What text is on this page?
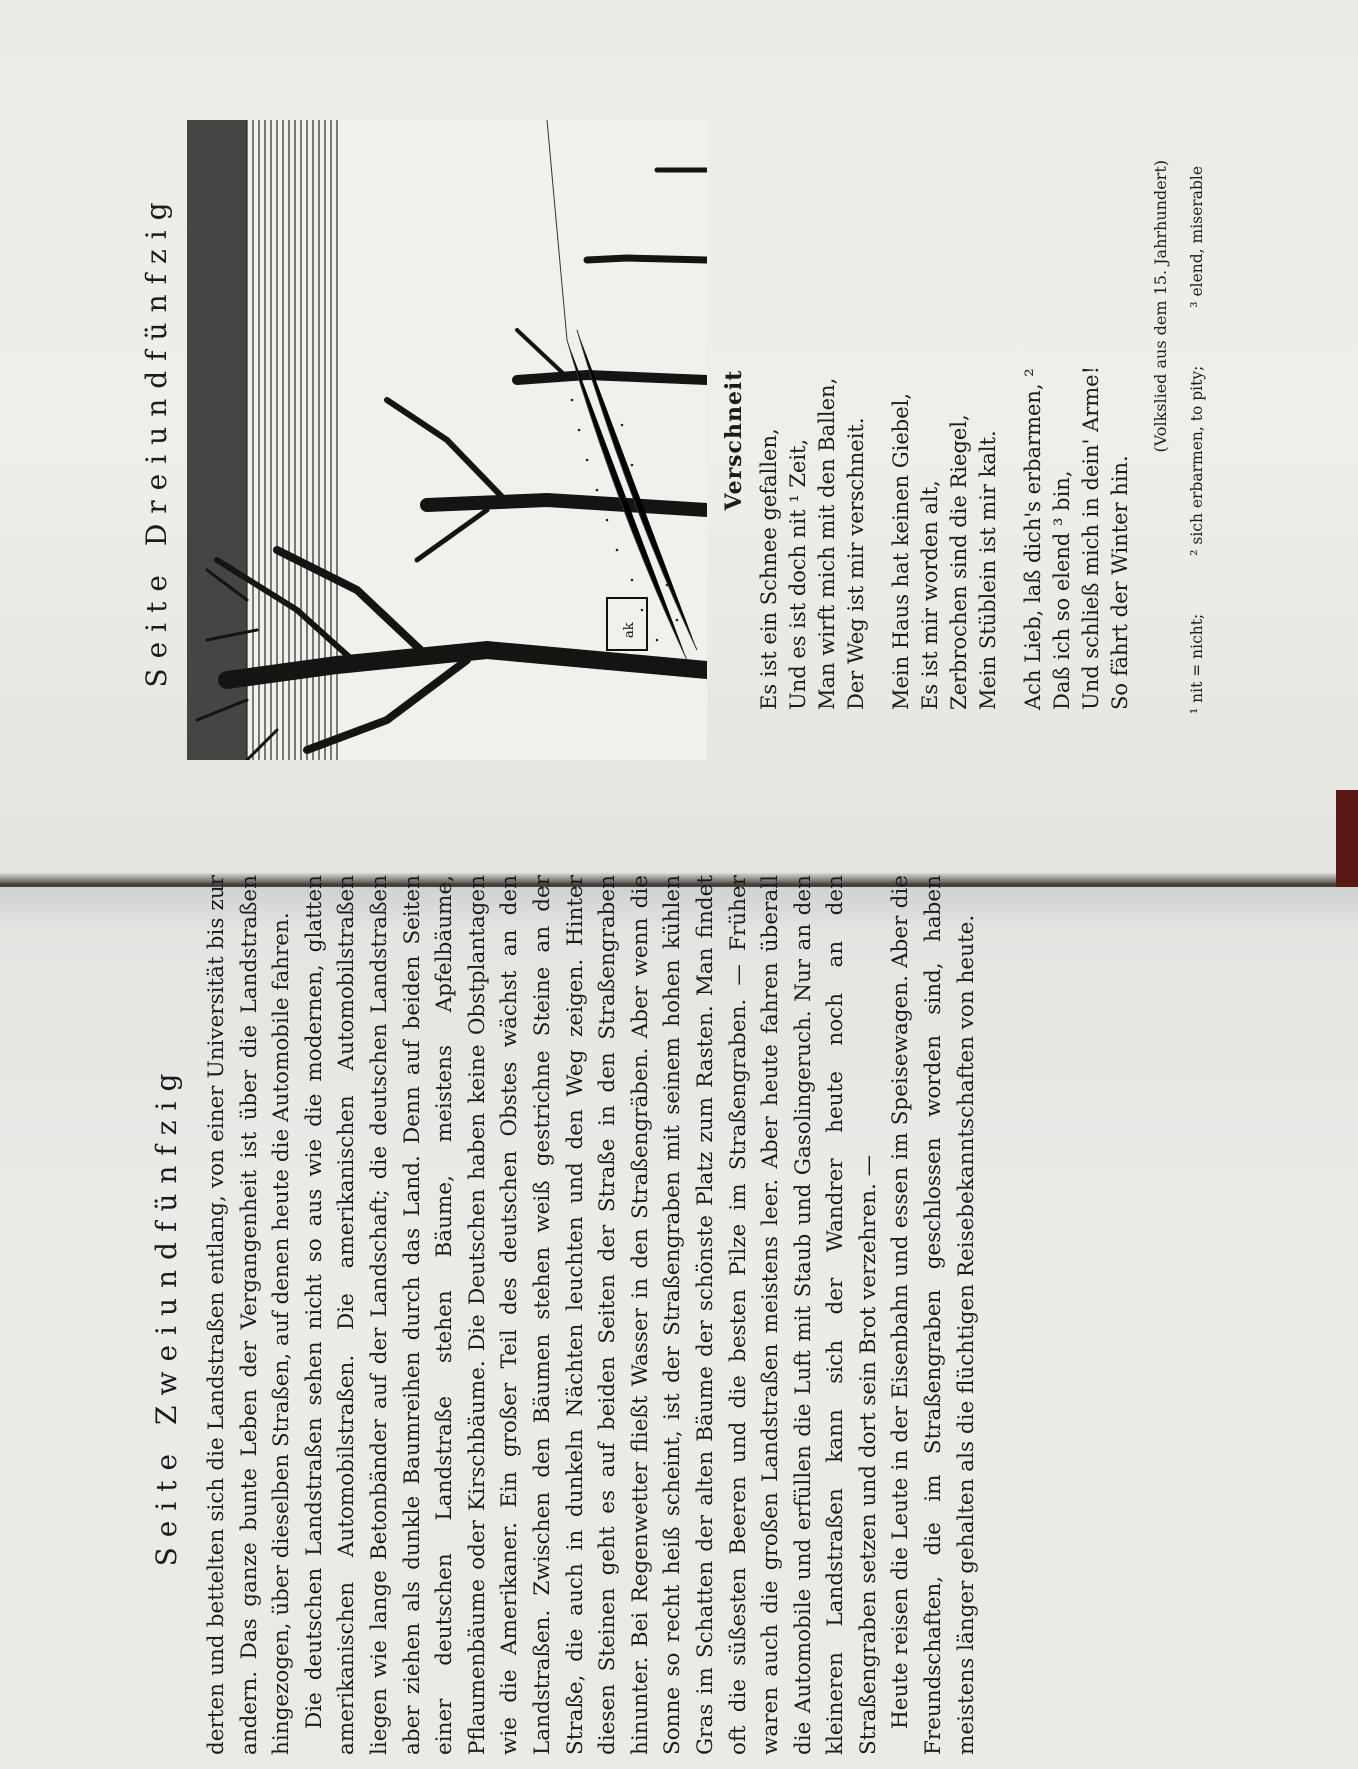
Seite Dreiundfünfzig	ak
Verschneit Es ist ein Schnee gefallen, Und es ist doch nit ¹ Zeit, Man wirft mich mit den Ballen, Der Weg ist mir verschneit. Mein Haus hat keinen Giebel, Es ist mir worden alt, Zerbrochen sind die Riegel, Mein Stüblein ist mir kalt. Ach Lieb, laß dich's erbarmen, ² Daß ich so elend ³ bin, Und schließ mich in dein' Arme! So fährt der Winter hin.
(Volkslied aus dem 15. Jahrhundert)
¹ nit = nicht;
² sich erbarmen, to pity;
³ elend, miserable
Seite Zweiundfünfzig derten und bettelten sich die Landstraßen entlang, von einer Universität bis zur andern. Das ganze bunte Leben der Vergangenheit ist über die Landstraßen hingezogen, über dieselben Straßen, auf denen heute die Automobile fahren. Die deutschen Landstraßen sehen nicht so aus wie die modernen, glatten amerikanischen Automobilstraßen. Die amerikanischen Automobilstraßen liegen wie lange Betonbänder auf der Landschaft; die deutschen Landstraßen aber ziehen als dunkle Baumreihen durch das Land. Denn auf beiden Seiten einer deutschen Landstraße stehen Bäume, meistens Apfelbäume, Pflaumenbäume oder Kirschbäume. Die Deutschen haben keine Obstplantagen wie die Amerikaner. Ein großer Teil des deutschen Obstes wächst an den Landstraßen. Zwischen den Bäumen stehen weiß gestrichne Steine an der Straße, die auch in dunkeln Nächten leuchten und den Weg zeigen. Hinter diesen Steinen geht es auf beiden Seiten der Straße in den Straßengraben hinunter. Bei Regenwetter fließt Wasser in den Straßengräben. Aber wenn die Sonne so recht heiß scheint, ist der Straßengraben mit seinem hohen kühlen Gras im Schatten der alten Bäume der schönste Platz zum Rasten. Man findet oft die süßesten Beeren und die besten Pilze im Straßengraben. — Früher waren auch die großen Landstraßen meistens leer. Aber heute fahren überall die Automobile und erfüllen die Luft mit Staub und Gasolingeruch. Nur an den kleineren Landstraßen kann sich der Wandrer heute noch an den Straßengraben setzen und dort sein Brot verzehren. — Heute reisen die Leute in der Eisenbahn und essen im Speisewagen. Aber die Freundschaften, die im Straßengraben geschlossen worden sind, haben meistens länger gehalten als die flüchtigen Reisebekanntschaften von heute.
